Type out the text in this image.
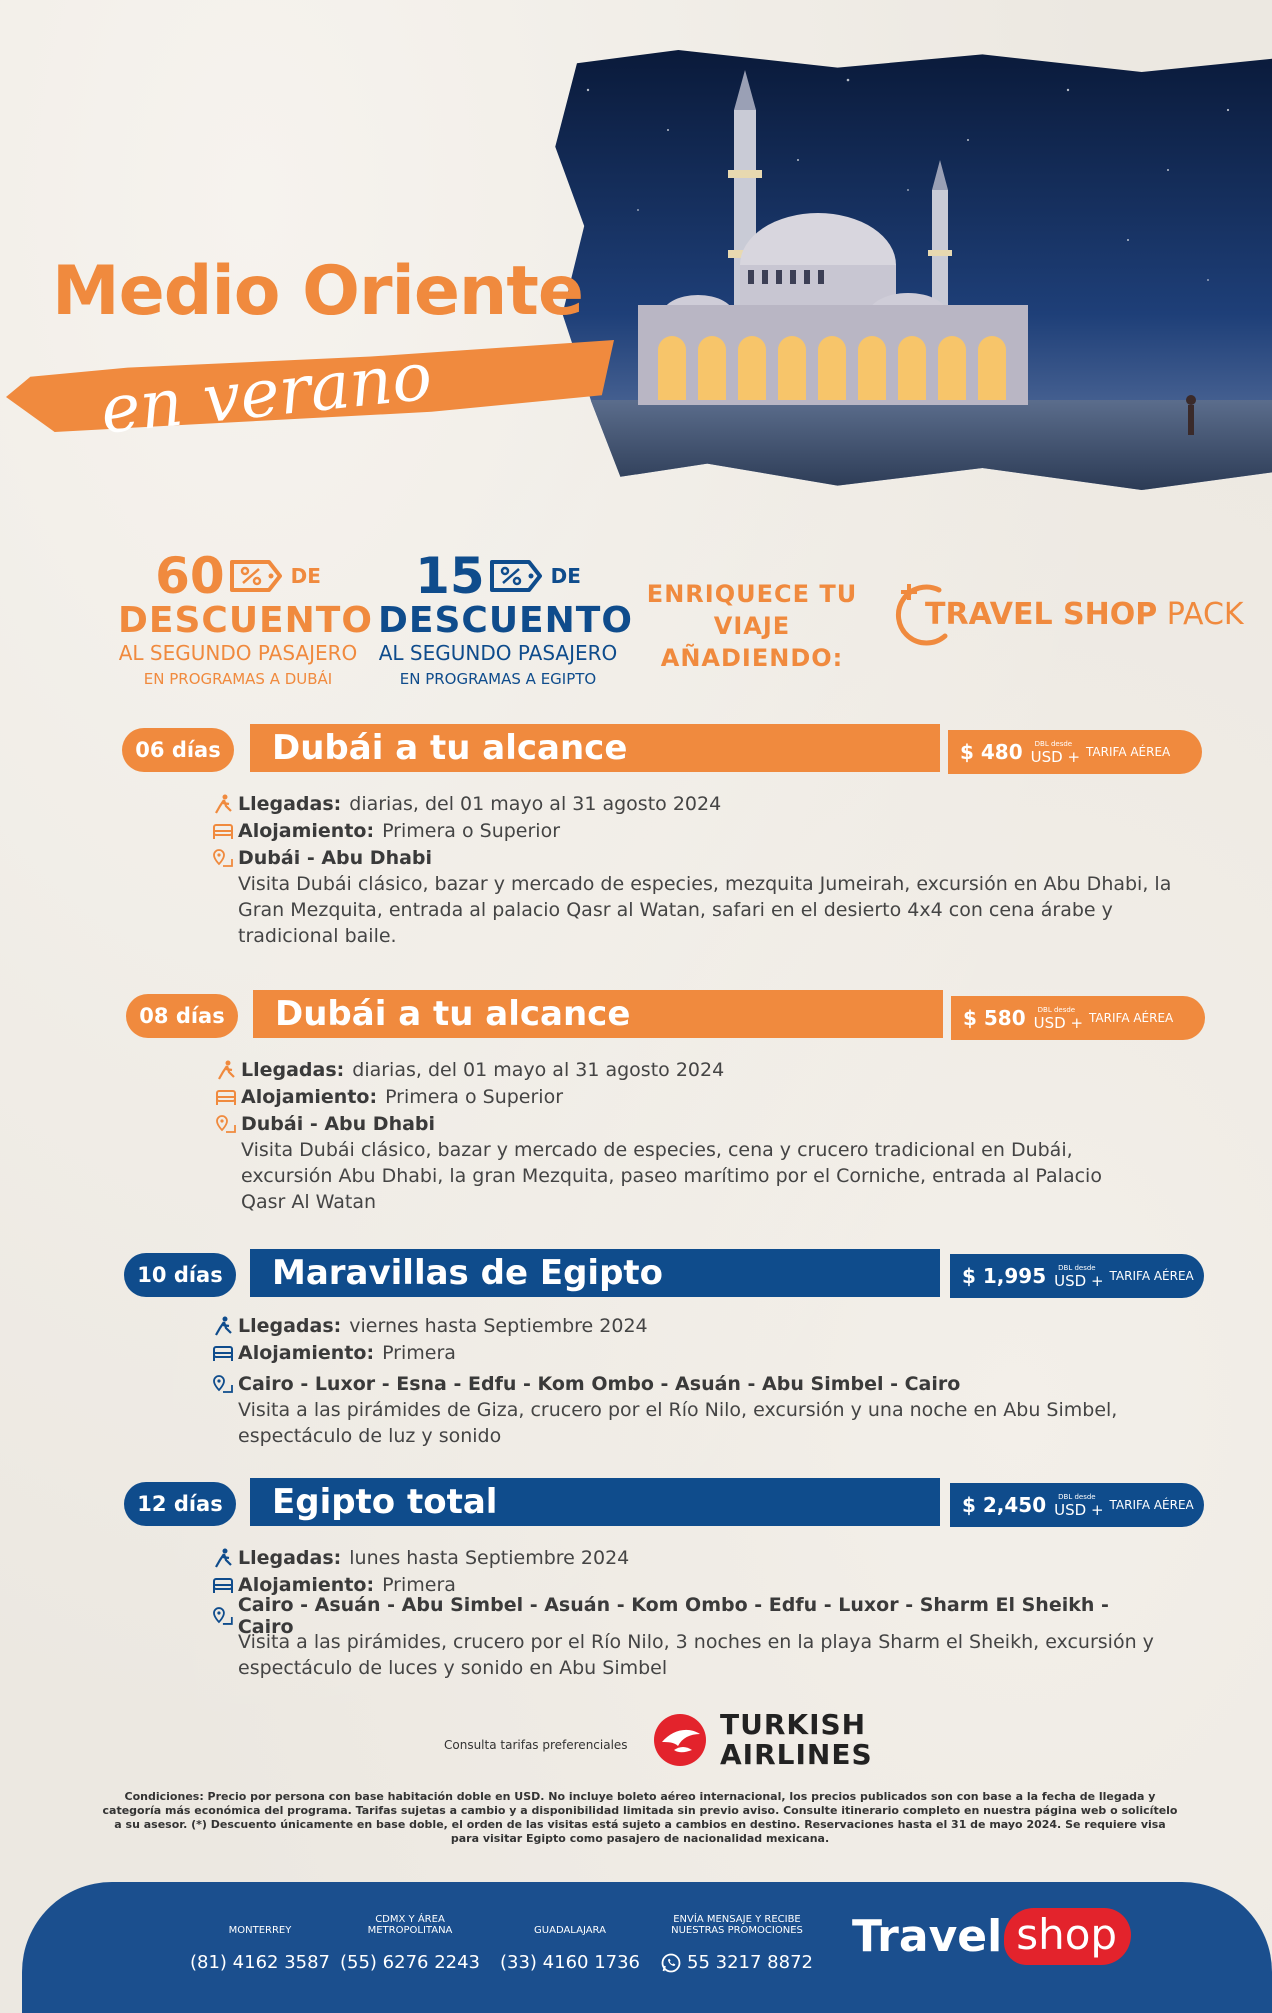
Medio Oriente
en verano
60	DE
DESCUENTO
AL SEGUNDO PASAJERO
EN PROGRAMAS A DUBÁI
15	DE
DESCUENTO
AL SEGUNDO PASAJERO
EN PROGRAMAS A EGIPTO
ENRIQUECE TU
VIAJE AÑADIENDO:
TRAVEL SHOP PACK
06 días	Dubái a tu alcance	$ 480 DBL desde
USD + TARIFA AÉREA
Llegadas: diarias, del 01 mayo al 31 agosto 2024
Alojamiento: Primera o Superior
Dubái - Abu Dhabi
Visita Dubái clásico, bazar y mercado de especies, mezquita Jumeirah, excursión en Abu Dhabi, la Gran Mezquita, entrada al palacio Qasr al Watan, safari en el desierto 4x4 con cena árabe y tradicional baile.
08 días	Dubái a tu alcance	$ 580 DBL desde
USD + TARIFA AÉREA
Llegadas: diarias, del 01 mayo al 31 agosto 2024
Alojamiento: Primera o Superior
Dubái - Abu Dhabi
Visita Dubái clásico, bazar y mercado de especies, cena y crucero tradicional en Dubái, excursión Abu Dhabi, la gran Mezquita, paseo marítimo por el Corniche, entrada al Palacio Qasr Al Watan
10 días	Maravillas de Egipto	$ 1,995 DBL desde
USD + TARIFA AÉREA
Llegadas: viernes hasta Septiembre 2024
Alojamiento: Primera
Cairo - Luxor - Esna - Edfu - Kom Ombo - Asuán - Abu Simbel - Cairo
Visita a las pirámides de Giza, crucero por el Río Nilo, excursión y una noche en Abu Simbel, espectáculo de luz y sonido
12 días	Egipto total	$ 2,450 DBL desde
USD + TARIFA AÉREA
Llegadas: lunes hasta Septiembre 2024
Alojamiento: Primera
Cairo - Asuán - Abu Simbel - Asuán - Kom Ombo - Edfu - Luxor - Sharm El Sheikh - Cairo
Visita a las pirámides, crucero por el Río Nilo, 3 noches en la playa Sharm el Sheikh, excursión y espectáculo de luces y sonido en Abu Simbel
Consulta tarifas preferenciales
TURKISH
AIRLINES
Condiciones: Precio por persona con base habitación doble en USD. No incluye boleto aéreo internacional, los precios publicados son con base a la fecha de llegada y categoría más económica del programa. Tarifas sujetas a cambio y a disponibilidad limitada sin previo aviso. Consulte itinerario completo en nuestra página web o solicítelo a su asesor. (*) Descuento únicamente en base doble, el orden de las visitas está sujeto a cambios en destino. Reservaciones hasta el 31 de mayo 2024. Se requiere visa para visitar Egipto como pasajero de nacionalidad mexicana.
MONTERREY
(81) 4162 3587
CDMX Y ÁREA METROPOLITANA
(55) 6276 2243
GUADALAJARA
(33) 4160 1736
ENVÍA MENSAJE Y RECIBE NUESTRAS PROMOCIONES
55 3217 8872
Travel shop
